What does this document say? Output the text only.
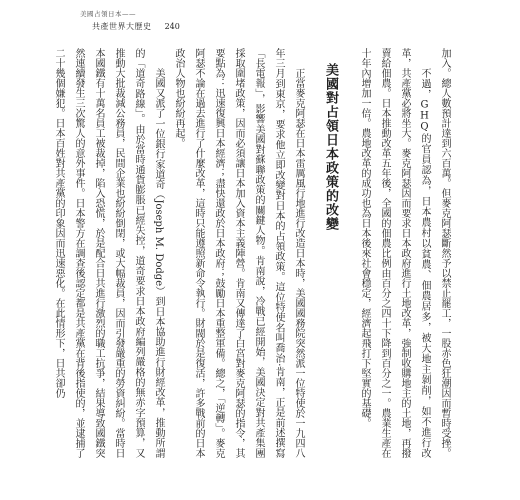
美國占領日本——
共產世界大歷史 240

加入。總人數預計達到六百萬。但麥克阿瑟斷然予以禁止罷工，一股赤色狂潮因而暫時受挫。

不過，GHQ的官員認為，日本農村以貧農、佃農居多，被大地主剝削，如不進行改革，共產黨必將坐大。麥克阿瑟因而要求日本政府進行土地改革，強制收購地主的土地，再撥賣給佃農。日本推動改革五年後，全國的佃農比例由百分之四十下降到百分之一。農業生產在十年內增加一倍。農地改革的成功也為日本後來社會穩定，經濟起飛打下堅實的基礎。

美國對占領日本政策的改變

正當麥克阿瑟在日本雷厲風行地進行改造日本時，美國國務院突然派一位特使於一九四八年三月到東京，要求他立即改變對日本的占領政策。這位特使名叫喬治·肯南，正是前述撰寫「長電報」，影響美國對蘇聯政策的關鍵人物。肯南說，冷戰已經開始，美國決定對共產集團採取圍堵政策，因而必須讓日本加入資本主義陣營。肯南又傳達了白宮對麥克阿瑟的指令，其要點為：迅速復興日本經濟；盡快還政於日本政府；鼓勵日本重整軍備。總之，「逆轉」。麥克阿瑟不論在過去進行了什麼改革，這時只能遵照新命令執行。財閥於是復活，許多戰前的日本政治人物也紛紛再起。

美國又派了一位銀行家道奇（Joseph M. Dodge）到日本協助進行財經改革，推動所謂的「道奇路線」。由於當時通貨膨脹已經失控，道奇要求日本政府編列嚴格的無赤字預算，又推動大批裁減公務員，民間企業也紛紛倒閉，或大幅裁員，因而引發嚴重的勞資糾紛。當時日本國鐵有十萬名員工被裁掉，陷入恐慌，於是配合日共進行激烈的職工抗爭，結果導致國鐵突然連續發生三次驚人的意外事件。日本警方在調查後認定都是共產黨在背後指使的，並逮捕了二十幾個嫌犯。日本百姓對共產黨的印象因而迅速惡化。在此情形下，日共卻仍
